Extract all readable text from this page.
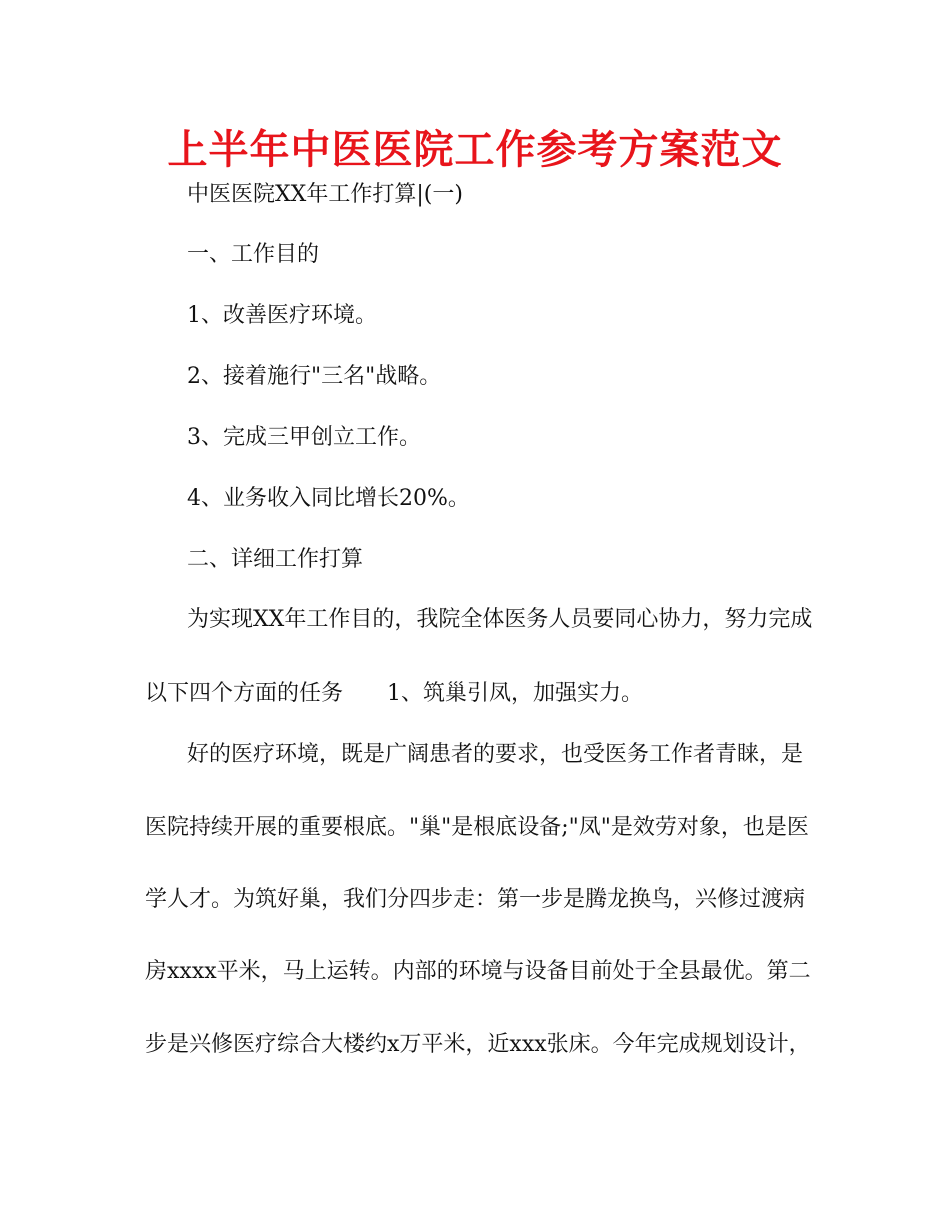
上半年中医医院工作参考方案范文
中医医院XX年工作打算|(一)
一、工作目的
1、改善医疗环境。
2、接着施行"三名"战略。
3、完成三甲创立工作。
4、业务收入同比增长20%。
二、详细工作打算
为实现XX年工作目的，我院全体医务人员要同心协力，努力完成
以下四个方面的任务 1、筑巢引凤，加强实力。
好的医疗环境，既是广阔患者的要求，也受医务工作者青睐，是
医院持续开展的重要根底。"巢"是根底设备;"凤"是效劳对象，也是医
学人才。为筑好巢，我们分四步走：第一步是腾龙换鸟，兴修过渡病
房xxxx平米，马上运转。内部的环境与设备目前处于全县最优。第二
步是兴修医疗综合大楼约x万平米，近xxx张床。今年完成规划设计，
